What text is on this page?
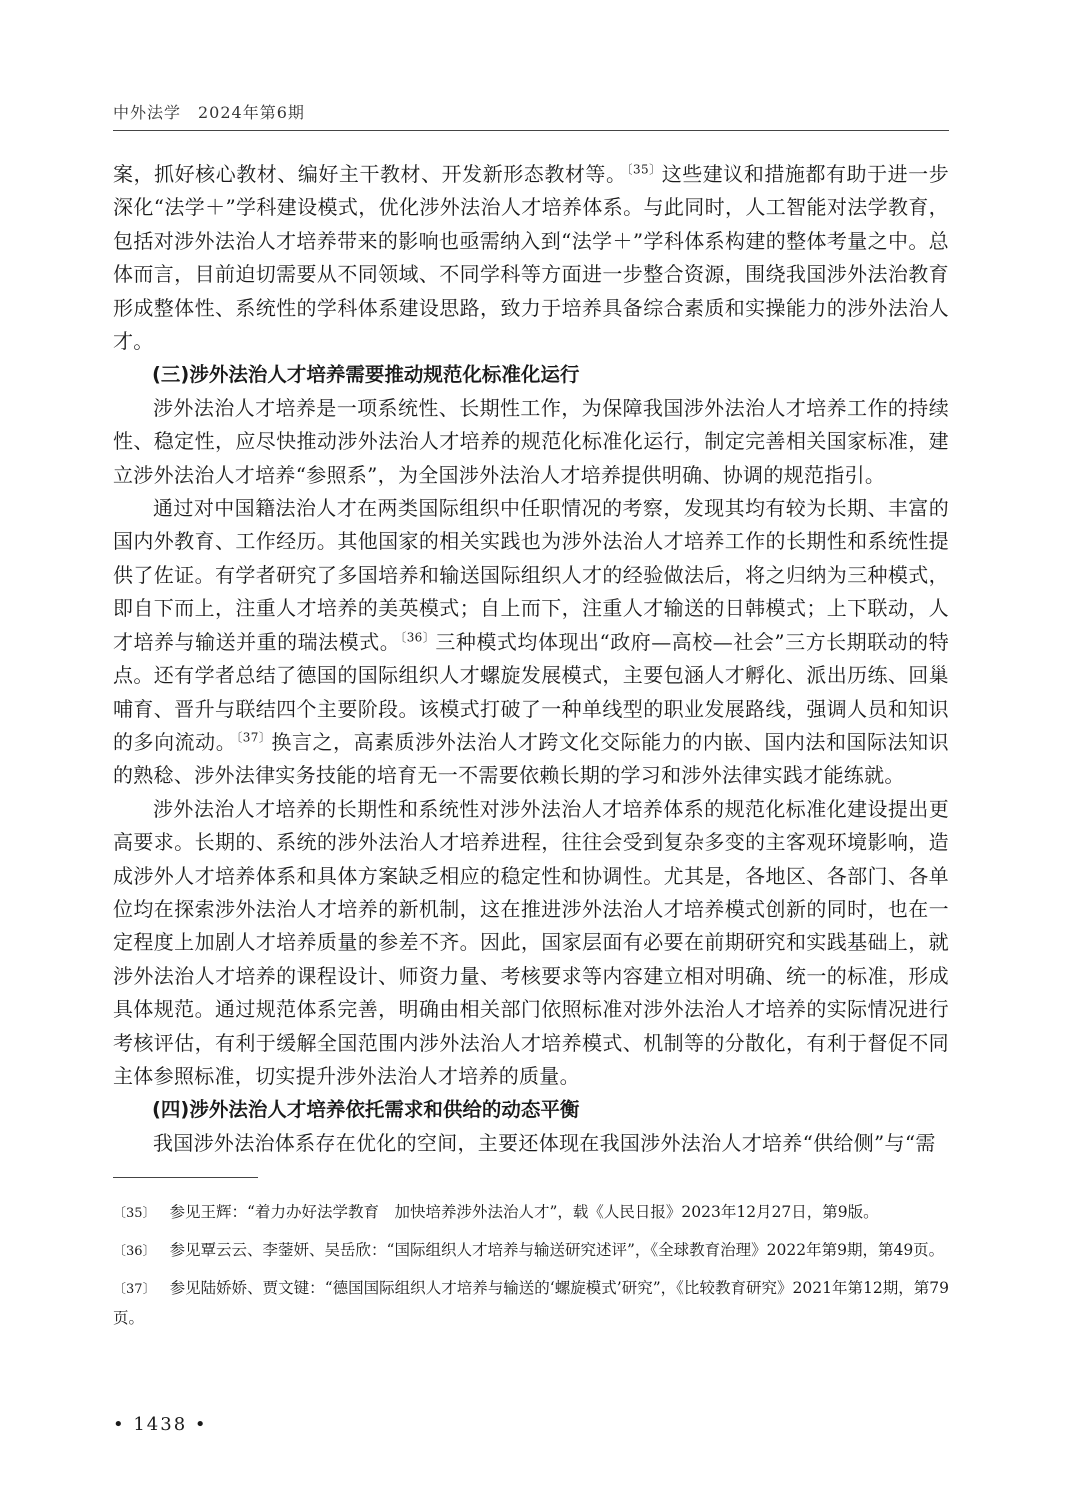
中外法学　2024年第6期

案，抓好核心教材、编好主干教材、开发新形态教材等。$^{〔35〕}$这些建议和措施都有助于进一步深化“法学＋”学科建设模式，优化涉外法治人才培养体系。与此同时，人工智能对法学教育，包括对涉外法治人才培养带来的影响也亟需纳入到“法学＋”学科体系构建的整体考量之中。总体而言，目前迫切需要从不同领域、不同学科等方面进一步整合资源，围绕我国涉外法治教育形成整体性、系统性的学科体系建设思路，致力于培养具备综合素质和实操能力的涉外法治人才。

(三)涉外法治人才培养需要推动规范化标准化运行

涉外法治人才培养是一项系统性、长期性工作，为保障我国涉外法治人才培养工作的持续性、稳定性，应尽快推动涉外法治人才培养的规范化标准化运行，制定完善相关国家标准，建立涉外法治人才培养“参照系”，为全国涉外法治人才培养提供明确、协调的规范指引。

通过对中国籍法治人才在两类国际组织中任职情况的考察，发现其均有较为长期、丰富的国内外教育、工作经历。其他国家的相关实践也为涉外法治人才培养工作的长期性和系统性提供了佐证。有学者研究了多国培养和输送国际组织人才的经验做法后，将之归纳为三种模式，即自下而上，注重人才培养的美英模式；自上而下，注重人才输送的日韩模式；上下联动，人才培养与输送并重的瑞法模式。$^{〔36〕}$三种模式均体现出“政府—高校—社会”三方长期联动的特点。还有学者总结了德国的国际组织人才螺旋发展模式，主要包涵人才孵化、派出历练、回巢哺育、晋升与联结四个主要阶段。该模式打破了一种单线型的职业发展路线，强调人员和知识的多向流动。$^{〔37〕}$换言之，高素质涉外法治人才跨文化交际能力的内嵌、国内法和国际法知识的熟稔、涉外法律实务技能的培育无一不需要依赖长期的学习和涉外法律实践才能练就。

涉外法治人才培养的长期性和系统性对涉外法治人才培养体系的规范化标准化建设提出更高要求。长期的、系统的涉外法治人才培养进程，往往会受到复杂多变的主客观环境影响，造成涉外人才培养体系和具体方案缺乏相应的稳定性和协调性。尤其是，各地区、各部门、各单位均在探索涉外法治人才培养的新机制，这在推进涉外法治人才培养模式创新的同时，也在一定程度上加剧人才培养质量的参差不齐。因此，国家层面有必要在前期研究和实践基础上，就涉外法治人才培养的课程设计、师资力量、考核要求等内容建立相对明确、统一的标准，形成具体规范。通过规范体系完善，明确由相关部门依照标准对涉外法治人才培养的实际情况进行考核评估，有利于缓解全国范围内涉外法治人才培养模式、机制等的分散化，有利于督促不同主体参照标准，切实提升涉外法治人才培养的质量。

(四)涉外法治人才培养依托需求和供给的动态平衡

我国涉外法治体系存在优化的空间，主要还体现在我国涉外法治人才培养“供给侧”与“需

〔35〕 参见王辉：“着力办好法学教育　加快培养涉外法治人才”，载《人民日报》2023年12月27日，第9版。

〔36〕 参见覃云云、李蓥妍、吴岳欣：“国际组织人才培养与输送研究述评”，《全球教育治理》2022年第9期，第49页。

〔37〕 参见陆娇娇、贾文键：“德国国际组织人才培养与输送的‘螺旋模式’研究”，《比较教育研究》2021年第12期，第79页。

• 1438 •
